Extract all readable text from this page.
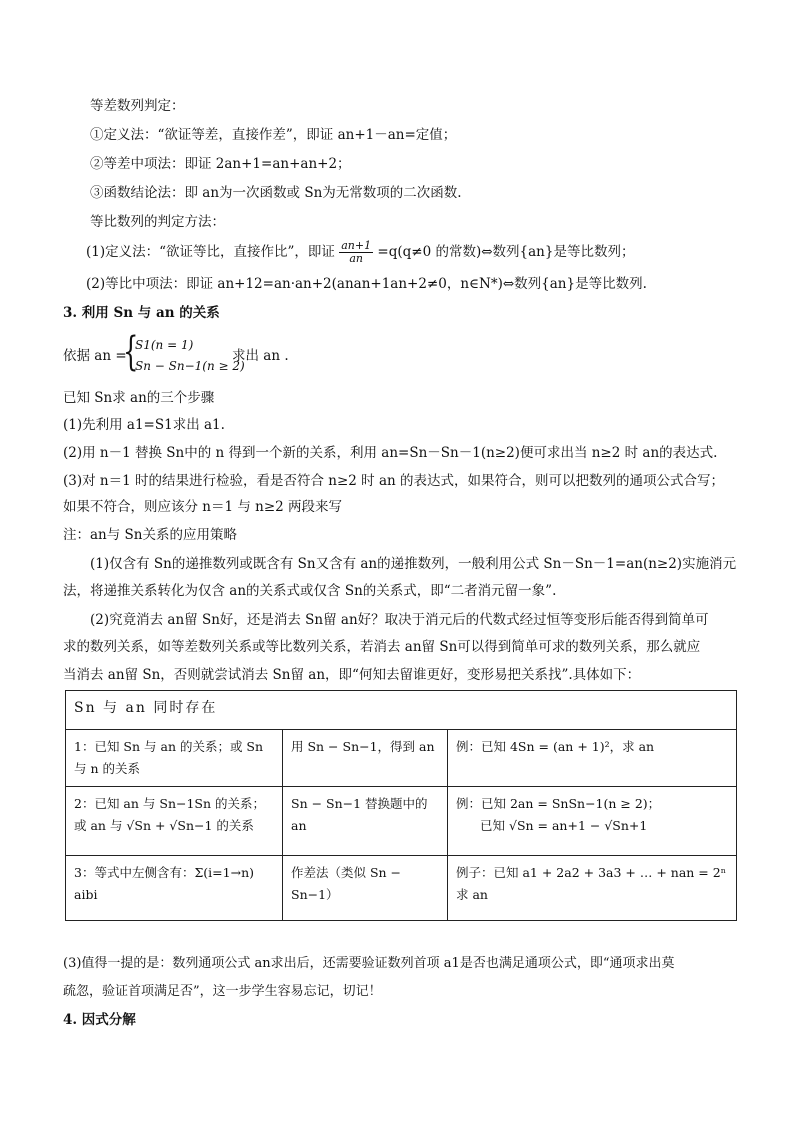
等差数列判定：
①定义法：“欲证等差，直接作差”，即证 an+1－an=定值；
②等差中项法：即证 2an+1=an+an+2；
③函数结论法：即 an为一次函数或 Sn为无常数项的二次函数.
等比数列的判定方法：
(1)定义法：“欲证等比，直接作比”，即证 $\frac{an+1}{an} =q(q\ne 0$ 的常数)⇔数列{an}是等比数列；
(2)等比中项法：即证 an+12=an·an+2(anan+1an+2≠0，n∈N*)⇔数列{an}是等比数列.
3. 利用 Sn 与 an 的关系
依据 an =
{
S1(n = 1)
Sn − Sn−1(n ≥ 2)
求出 an .
已知 Sn求 an的三个步骤
(1)先利用 a1=S1求出 a1.
(2)用 n－1 替换 Sn中的 n 得到一个新的关系，利用 an=Sn－Sn－1(n≥2)便可求出当 n≥2 时 an的表达式.
(3)对 n＝1 时的结果进行检验，看是否符合 n≥2 时 an 的表达式，如果符合，则可以把数列的通项公式合写；
如果不符合，则应该分 n＝1 与 n≥2 两段来写
注：an与 Sn关系的应用策略
(1)仅含有 Sn的递推数列或既含有 Sn又含有 an的递推数列，一般利用公式 Sn－Sn－1=an(n≥2)实施消元
法，将递推关系转化为仅含 an的关系式或仅含 Sn的关系式，即“二者消元留一象”.
(2)究竟消去 an留 Sn好，还是消去 Sn留 an好？取决于消元后的代数式经过恒等变形后能否得到简单可
求的数列关系，如等差数列关系或等比数列关系，若消去 an留 Sn可以得到简单可求的数列关系，那么就应
当消去 an留 Sn，否则就尝试消去 Sn留 an，即“何知去留谁更好，变形易把关系找”.具体如下：
Sn 与 an 同时存在		
1：已知 Sn 与 an 的关系；或 Sn 与 n 的关系	用 Sn − Sn−1，得到 an	例：已知 4Sn = (an + 1)²，求 an

2：已知 an 与 Sn−1Sn 的关系；或 an 与 √Sn + √Sn−1 的关系	Sn − Sn−1 替换题中的 an	例：已知 2an = SnSn−1(n ≥ 2)；
已知 √Sn = an+1 − √Sn+1

3：等式中左侧含有：Σ(i=1→n) aibi	作差法（类似 Sn − Sn−1）	例子：已知 a1 + 2a2 + 3a3 + … + nan = 2ⁿ 求 an
(3)值得一提的是：数列通项公式 an求出后，还需要验证数列首项 a1是否也满足通项公式，即“通项求出莫
疏忽，验证首项满足否”，这一步学生容易忘记，切记！
4. 因式分解
